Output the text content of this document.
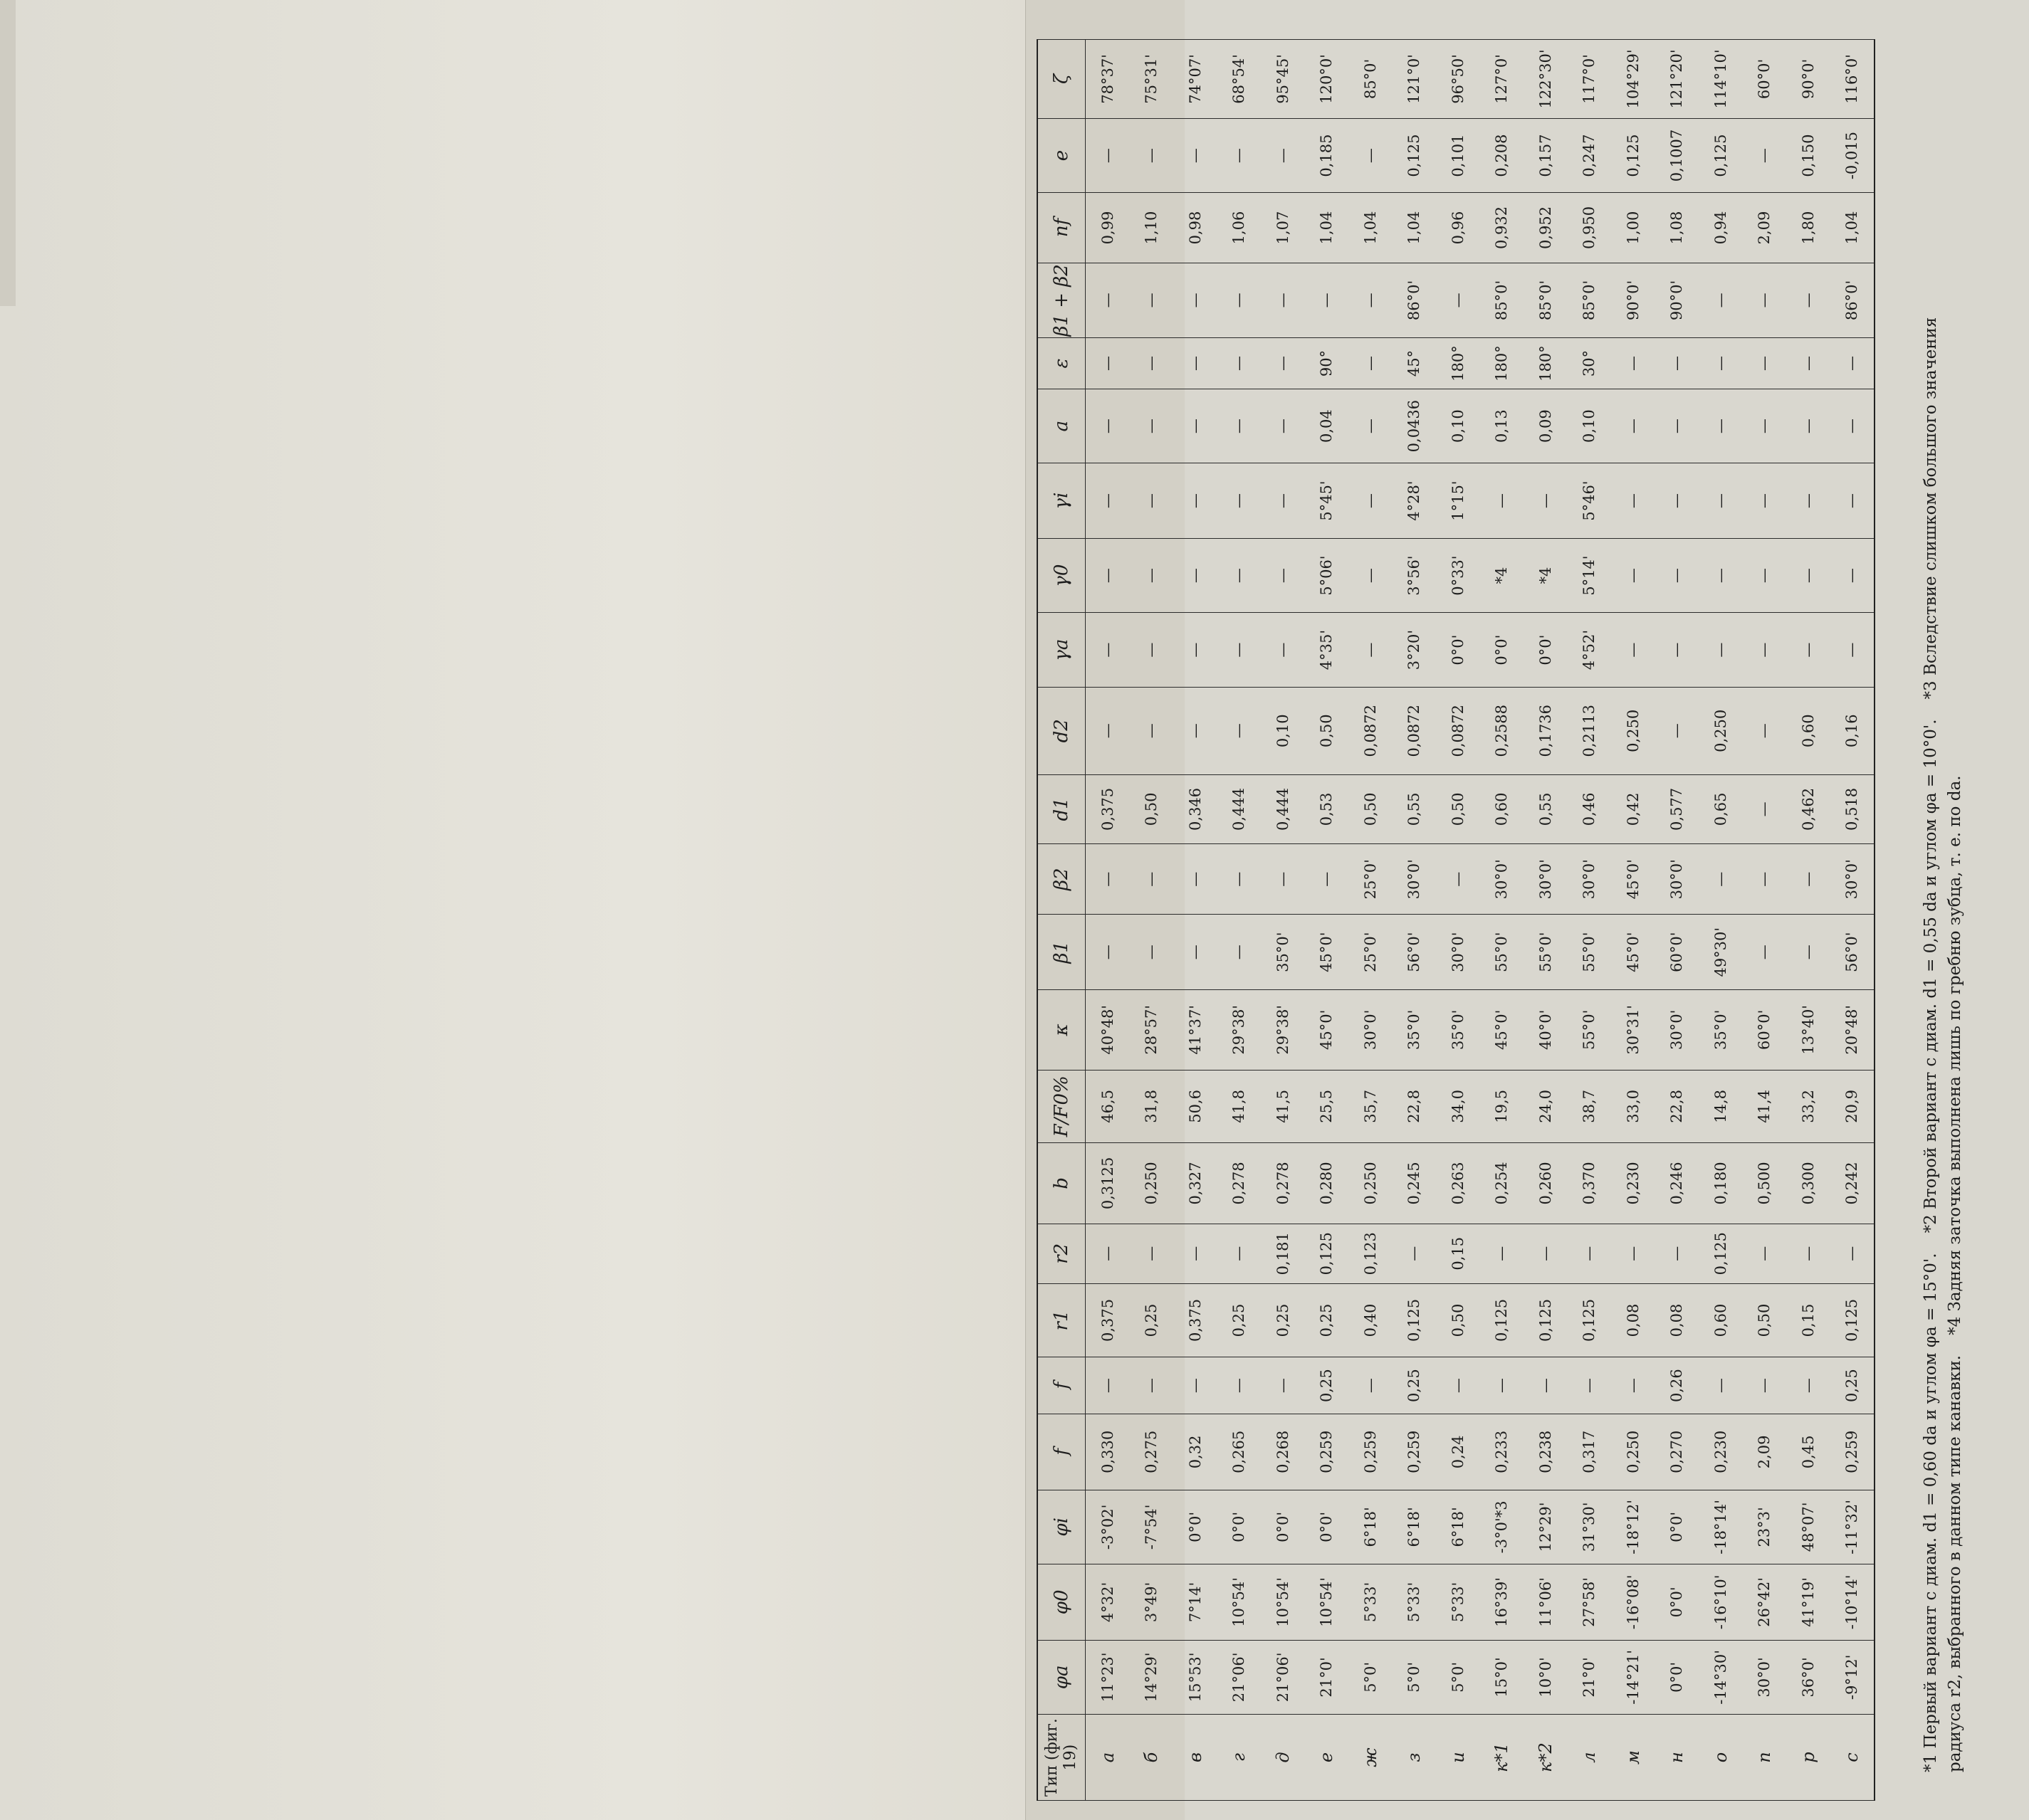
Тип (фиг. 19)	φa	φ0	φi	f	f	r1	r2	b	F/F0%	κ	β1	β2	d1	d2	γa	γ0	γi	a	ε	β1 + β2	nf	e	ζ
а	11°23'	4°32'	-3°02'	0,330	—	0,375	—	0,3125	46,5	40°48'	—	—	0,375	—	—	—	—	—	—	—	0,99	—	78°37'
б	14°29'	3°49'	-7°54'	0,275	—	0,25	—	0,250	31,8	28°57'	—	—	0,50	—	—	—	—	—	—	—	1,10	—	75°31'
в	15°53'	7°14'	0°0'	0,32	—	0,375	—	0,327	50,6	41°37'	—	—	0,346	—	—	—	—	—	—	—	0,98	—	74°07'
г	21°06'	10°54'	0°0'	0,265	—	0,25	—	0,278	41,8	29°38'	—	—	0,444	—	—	—	—	—	—	—	1,06	—	68°54'
д	21°06'	10°54'	0°0'	0,268	—	0,25	0,181	0,278	41,5	29°38'	35°0'	—	0,444	0,10	—	—	—	—	—	—	1,07	—	95°45'
е	21°0'	10°54'	0°0'	0,259	0,25	0,25	0,125	0,280	25,5	45°0'	45°0'	—	0,53	0,50	4°35'	5°06'	5°45'	0,04	90°	—	1,04	0,185	120°0'
ж	5°0'	5°33'	6°18'	0,259	—	0,40	0,123	0,250	35,7	30°0'	25°0'	25°0'	0,50	0,0872	—	—	—	—	—	—	1,04	—	85°0'
з	5°0'	5°33'	6°18'	0,259	0,25	0,125	—	0,245	22,8	35°0'	56°0'	30°0'	0,55	0,0872	3°20'	3°56'	4°28'	0,0436	45°	86°0'	1,04	0,125	121°0'
и	5°0'	5°33'	6°18'	0,24	—	0,50	0,15	0,263	34,0	35°0'	30°0'	—	0,50	0,0872	0°0'	0°33'	1°15'	0,10	180°	—	0,96	0,101	96°50'
к*1	15°0'	16°39'	-3°0'*3	0,233	—	0,125	—	0,254	19,5	45°0'	55°0'	30°0'	0,60	0,2588	0°0'	*4	—	0,13	180°	85°0'	0,932	0,208	127°0'
к*2	10°0'	11°06'	12°29'	0,238	—	0,125	—	0,260	24,0	40°0'	55°0'	30°0'	0,55	0,1736	0°0'	*4	—	0,09	180°	85°0'	0,952	0,157	122°30'
л	21°0'	27°58'	31°30'	0,317	—	0,125	—	0,370	38,7	55°0'	55°0'	30°0'	0,46	0,2113	4°52'	5°14'	5°46'	0,10	30°	85°0'	0,950	0,247	117°0'
м	-14°21'	-16°08'	-18°12'	0,250	—	0,08	—	0,230	33,0	30°31'	45°0'	45°0'	0,42	0,250	—	—	—	—	—	90°0'	1,00	0,125	104°29'
н	0°0'	0°0'	0°0'	0,270	0,26	0,08	—	0,246	22,8	30°0'	60°0'	30°0'	0,577	—	—	—	—	—	—	90°0'	1,08	0,1007	121°20'
о	-14°30'	-16°10'	-18°14'	0,230	—	0,60	0,125	0,180	14,8	35°0'	49°30'	—	0,65	0,250	—	—	—	—	—	—	0,94	0,125	114°10'
п	30°0'	26°42'	23°3'	2,09	—	0,50	—	0,500	41,4	60°0'	—	—	—	—	—	—	—	—	—	—	2,09	—	60°0'
р	36°0'	41°19'	48°07'	0,45	—	0,15	—	0,300	33,2	13°40'	—	—	0,462	0,60	—	—	—	—	—	—	1,80	0,150	90°0'
с	-9°12'	-10°14'	-11°32'	0,259	0,25	0,125	—	0,242	20,9	20°48'	56°0'	30°0'	0,518	0,16	—	—	—	—	—	86°0'	1,04	-0,015	116°0'

*1 Первый вариант с диам. d1 = 0,60 da и углом φa = 15°0'.*2 Второй вариант с диам. d1 = 0,55 da и углом φa = 10°0'.*3 Вследствие слишком большого значения

радиуса r2, выбранного в данном типе канавки.*4 Задняя заточка выполнена лишь по гребню зубца, т. е. по da.
